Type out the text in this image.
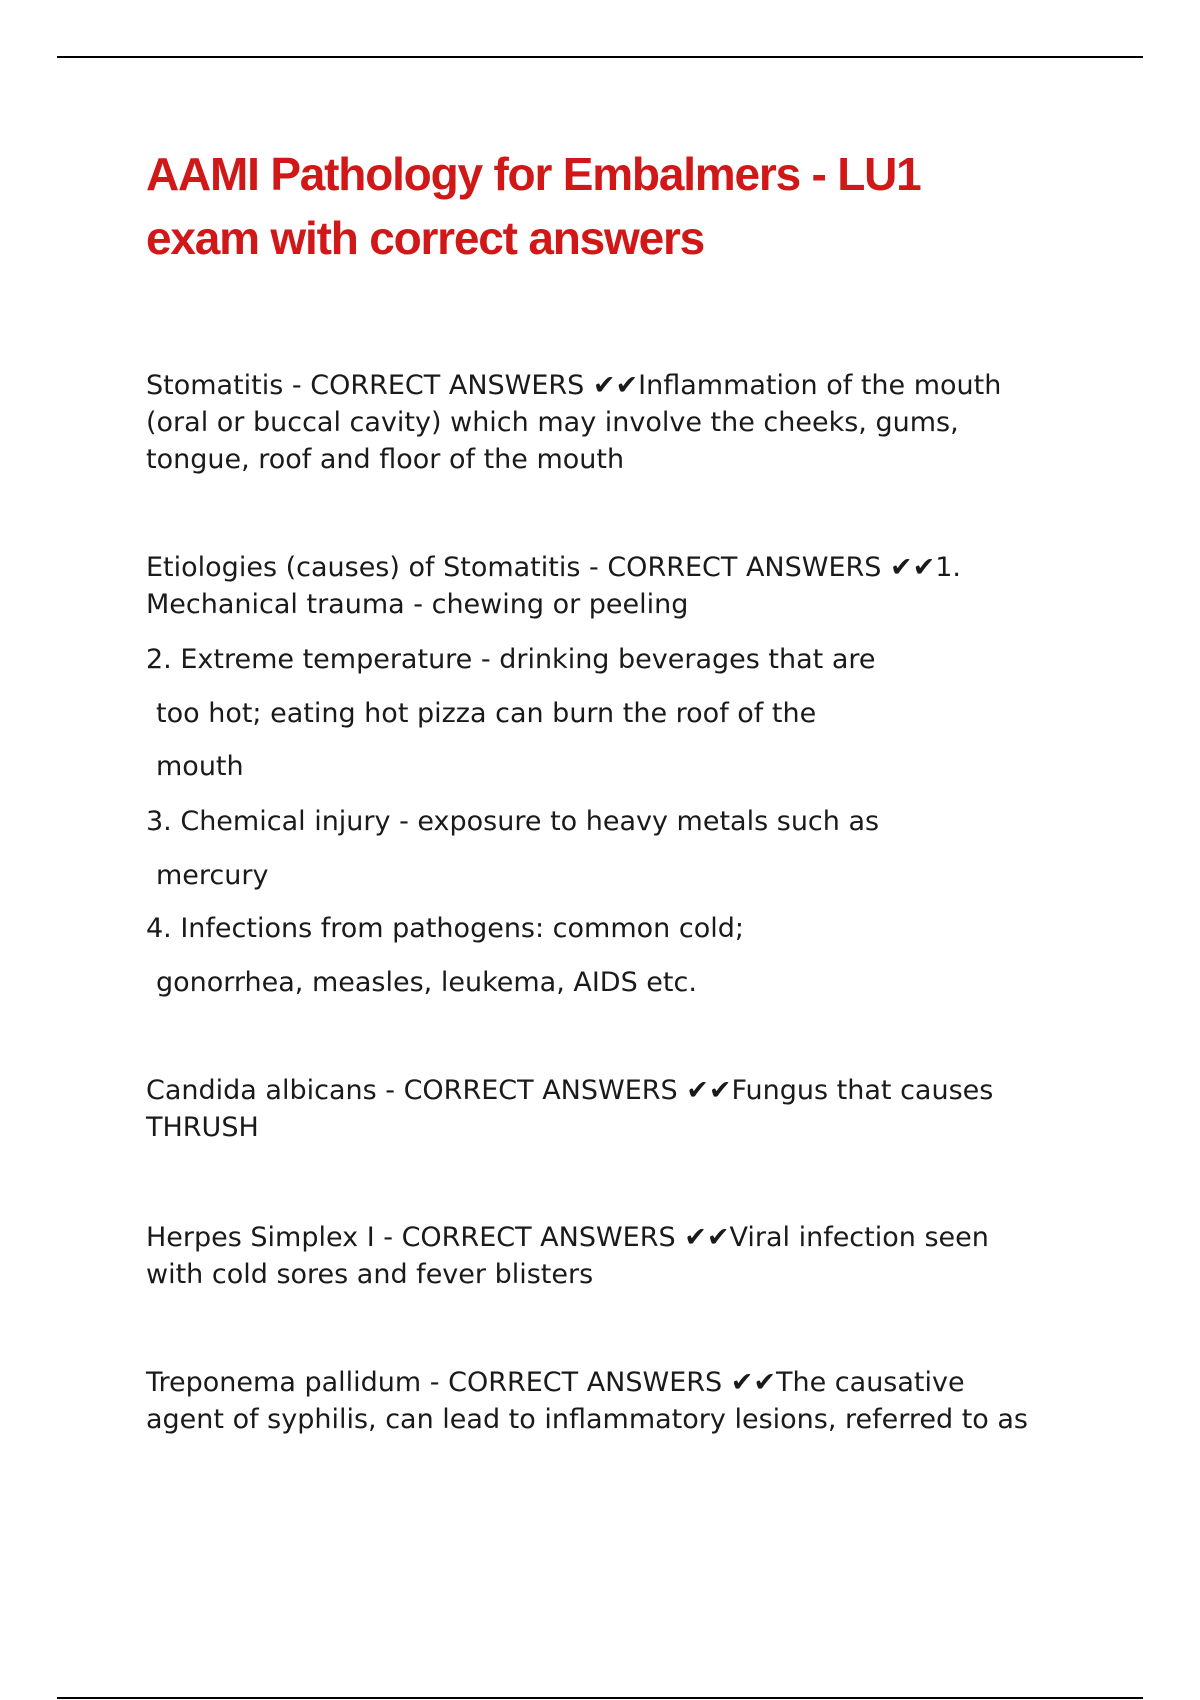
AAMI Pathology for Embalmers - LU1
exam with correct answers

Stomatitis - CORRECT ANSWERS ✔✔Inflammation of the mouth
(oral or buccal cavity) which may involve the cheeks, gums,
tongue, roof and floor of the mouth

Etiologies (causes) of Stomatitis - CORRECT ANSWERS ✔✔1.
Mechanical trauma - chewing or peeling

2. Extreme temperature - drinking beverages that are
too hot; eating hot pizza can burn the roof of the
mouth
3. Chemical injury - exposure to heavy metals such as
mercury
4. Infections from pathogens: common cold;
gonorrhea, measles, leukema, AIDS etc.

Candida albicans - CORRECT ANSWERS ✔✔Fungus that causes
THRUSH

Herpes Simplex I - CORRECT ANSWERS ✔✔Viral infection seen
with cold sores and fever blisters

Treponema pallidum - CORRECT ANSWERS ✔✔The causative
agent of syphilis, can lead to inflammatory lesions, referred to as
